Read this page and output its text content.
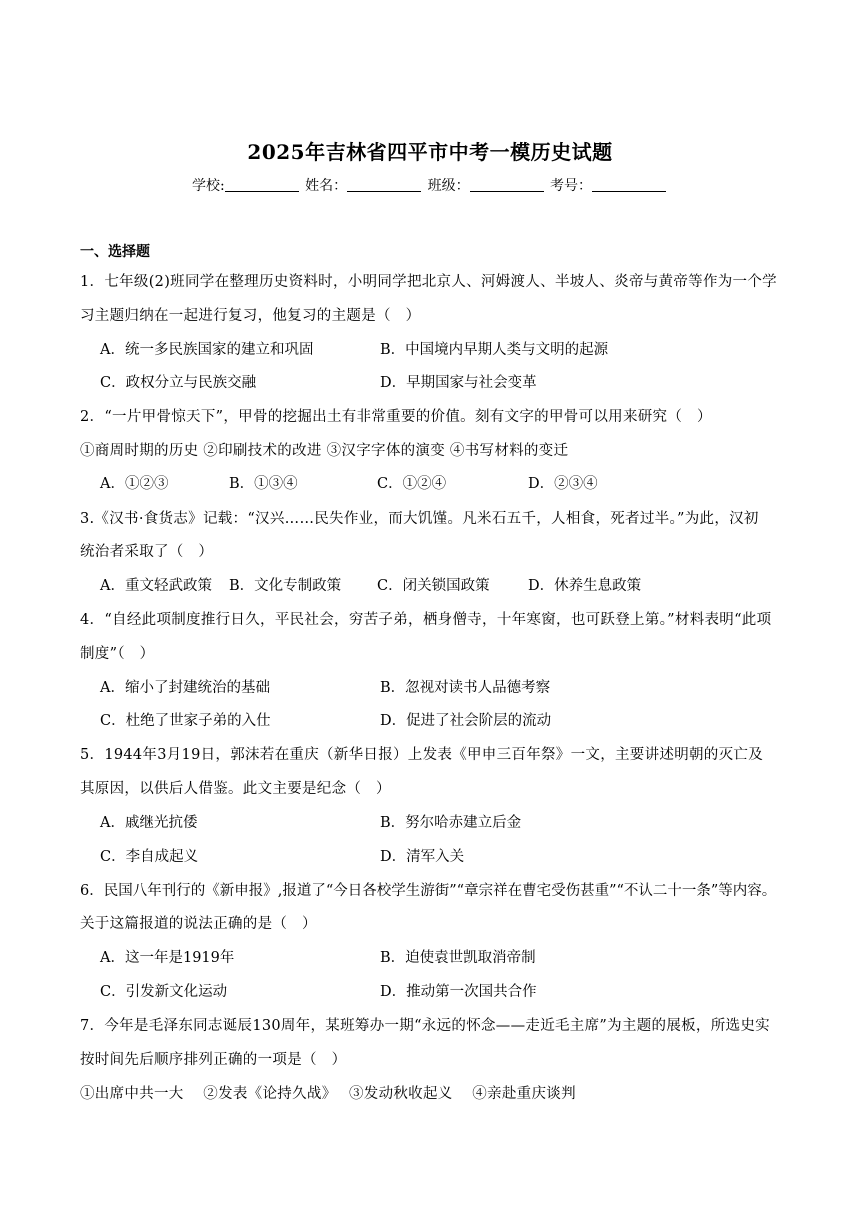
2025年吉林省四平市中考一模历史试题
学校:	姓名：	班级：	考号：
一、选择题
1．七年级(2)班同学在整理历史资料时，小明同学把北京人、河姆渡人、半坡人、炎帝与黄帝等作为一个学
习主题归纳在一起进行复习，他复习的主题是（　）
A．统一多民族国家的建立和巩固	B．中国境内早期人类与文明的起源
C．政权分立与民族交融	D．早期国家与社会变革
2．“一片甲骨惊天下”，甲骨的挖掘出土有非常重要的价值。刻有文字的甲骨可以用来研究（　）
①商周时期的历史 ②印刷技术的改进 ③汉字字体的演变 ④书写材料的变迁
A．①②③	B．①③④	C．①②④	D．②③④
3.《汉书·食货志》记载：“汉兴……民失作业，而大饥馑。凡米石五千，人相食，死者过半。”为此，汉初
统治者采取了（　）
A．重文轻武政策 B．文化专制政策 C．闭关锁国政策	D．休养生息政策
4．“自经此项制度推行日久，平民社会，穷苦子弟，栖身僧寺，十年寒窗，也可跃登上第。”材料表明“此项
制度”（　）
A．缩小了封建统治的基础	B．忽视对读书人品德考察
C．杜绝了世家子弟的入仕	D．促进了社会阶层的流动
5．1944年3月19日，郭沫若在重庆（新华日报）上发表《甲申三百年祭》一文，主要讲述明朝的灭亡及
其原因，以供后人借鉴。此文主要是纪念（　）
A．戚继光抗倭	B．努尔哈赤建立后金
C．李自成起义	D．清军入关
6．民国八年刊行的《新申报》,报道了“今日各校学生游街”“章宗祥在曹宅受伤甚重”“不认二十一条”等内容。
关于这篇报道的说法正确的是（　）
A．这一年是1919年	B．迫使袁世凯取消帝制
C．引发新文化运动	D．推动第一次国共合作
7．今年是毛泽东同志诞辰130周年，某班筹办一期“永远的怀念——走近毛主席”为主题的展板，所选史实
按时间先后顺序排列正确的一项是（　）
①出席中共一大　 ②发表《论持久战》　 ③发动秋收起义　 ④亲赴重庆谈判
